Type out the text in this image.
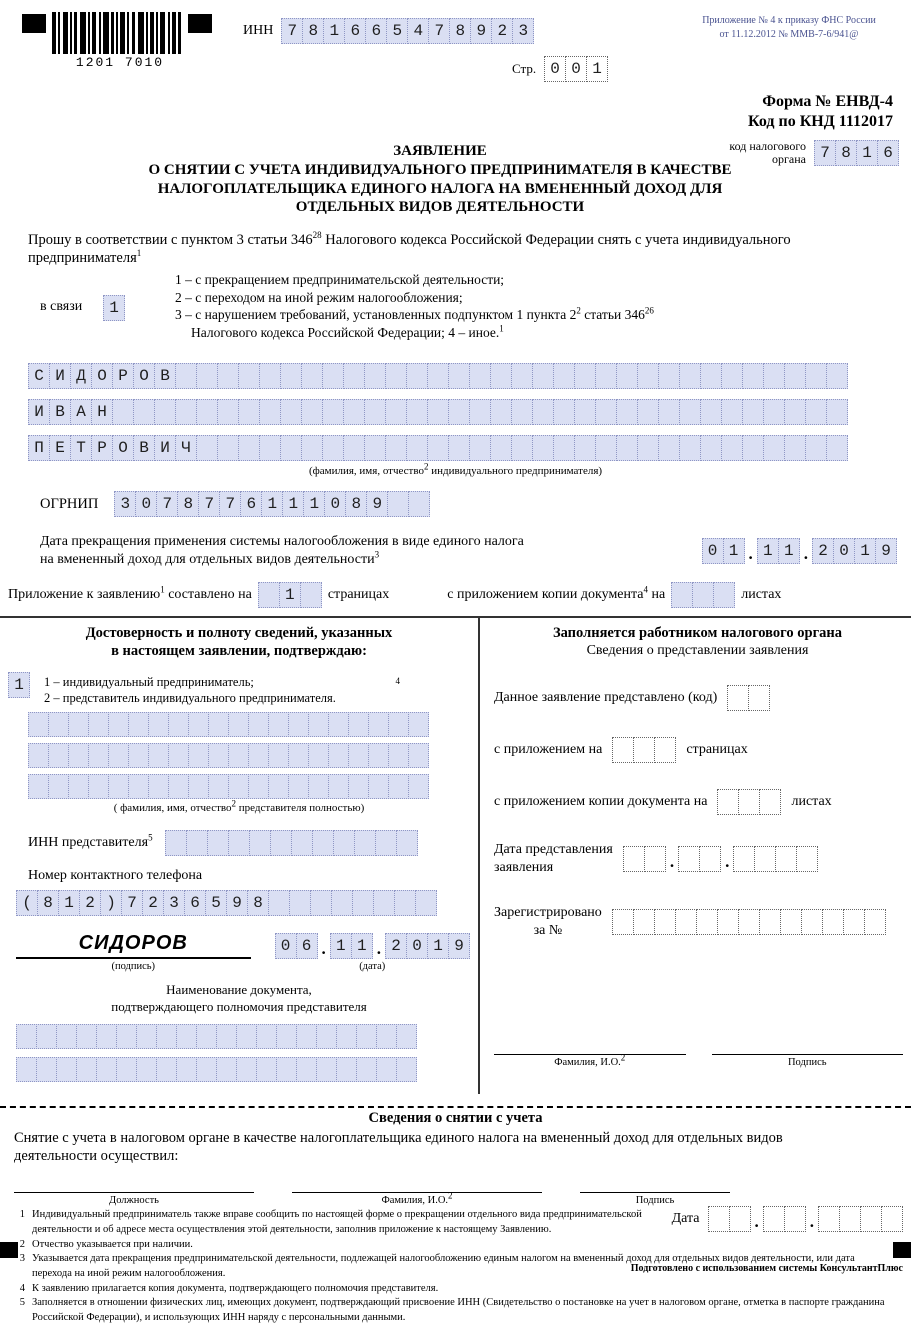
1201 7010
ИНН 7 8 1 6 6 5 4 7 8 9 2 3
Стр. 0 0 1
Приложение № 4 к приказу ФНС России
от 11.12.2012 № ММВ-7-6/941@
Форма № ЕНВД-4
Код по КНД 1112017
код налогового
органа 7 8 1 6
ЗАЯВЛЕНИЕ
О СНЯТИИ С УЧЕТА ИНДИВИДУАЛЬНОГО ПРЕДПРИНИМАТЕЛЯ В КАЧЕСТВЕ
НАЛОГОПЛАТЕЛЬЩИКА ЕДИНОГО НАЛОГА НА ВМЕНЕННЫЙ ДОХОД ДЛЯ
ОТДЕЛЬНЫХ ВИДОВ ДЕЯТЕЛЬНОСТИ
Прошу в соответствии с пунктом 3 статьи $346^{28}$ Налогового кодекса Российской Федерации снять с учета индивидуального предпринимателя$^1$
в связи	1
1 – с прекращением предпринимательской деятельности;
2 – с переходом на иной режим налогообложения;
3 – с нарушением требований, установленных подпунктом 1 пункта $2^2$ статьи $346^{26}$
Налогового кодекса Российской Федерации; 4 – иное.$^1$
С И Д О Р О В
И В А Н
П Е Т Р О В И Ч
(фамилия, имя, отчество$^2$ индивидуального предпринимателя)
ОГРНИП	3 0 7 8 7 7 6 1 1 1 0 8 9
Дата прекращения применения системы налогообложения в виде единого налога
на вмененный доход для отдельных видов деятельности$^3$	0 1 . 1 1 . 2 0 1 9
Приложение к заявлению$^1$ составлено на	1	страницах	с приложением копии документа$^4$ на	листах
Достоверность и полноту сведений, указанных
в настоящем заявлении, подтверждаю:
1	1 – индивидуальный предприниматель;
2 – представитель индивидуального предпринимателя.
4
( фамилия, имя, отчество$^2$ представителя полностью)
ИНН представителя$^5$
Номер контактного телефона
( 8 1 2 ) 7 2 3 6 5 9 8
СИДОРОВ
(подпись)
0 6 . 1 1 . 2 0 1 9
(дата)
Наименование документа,
подтверждающего полномочия представителя
Заполняется работником налогового органа
Сведения о представлении заявления
Данное заявление представлено (код)
с приложением на	страницах
с приложением копии документа на	листах
Дата представления
заявления	.	.
Зарегистрировано
за №
Фамилия, И.О.2	Подпись
Сведения о снятии с учета
Снятие с учета в налоговом органе в качестве налогоплательщика единого налога на вмененный доход для отдельных видов
деятельности осуществил:
Должность	Фамилия, И.О.2	Подпись
Дата	.	.
1 Индивидуальный предприниматель также вправе сообщить по настоящей форме о прекращении отдельного вида предпринимательской деятельности и об адресе места осуществления этой деятельности, заполнив приложение к настоящему Заявлению.
2 Отчество указывается при наличии.
3 Указывается дата прекращения предпринимательской деятельности, подлежащей налогообложению единым налогом на вмененный доход для отдельных видов деятельности, или дата перехода на иной режим налогообложения.
4 К заявлению прилагается копия документа, подтверждающего полномочия представителя.
5 Заполняется в отношении физических лиц, имеющих документ, подтверждающий присвоение ИНН (Свидетельство о постановке на учет в налоговом органе, отметка в паспорте гражданина Российской Федерации), и использующих ИНН наряду с персональными данными.
Подготовлено с использованием системы КонсультантПлюс
